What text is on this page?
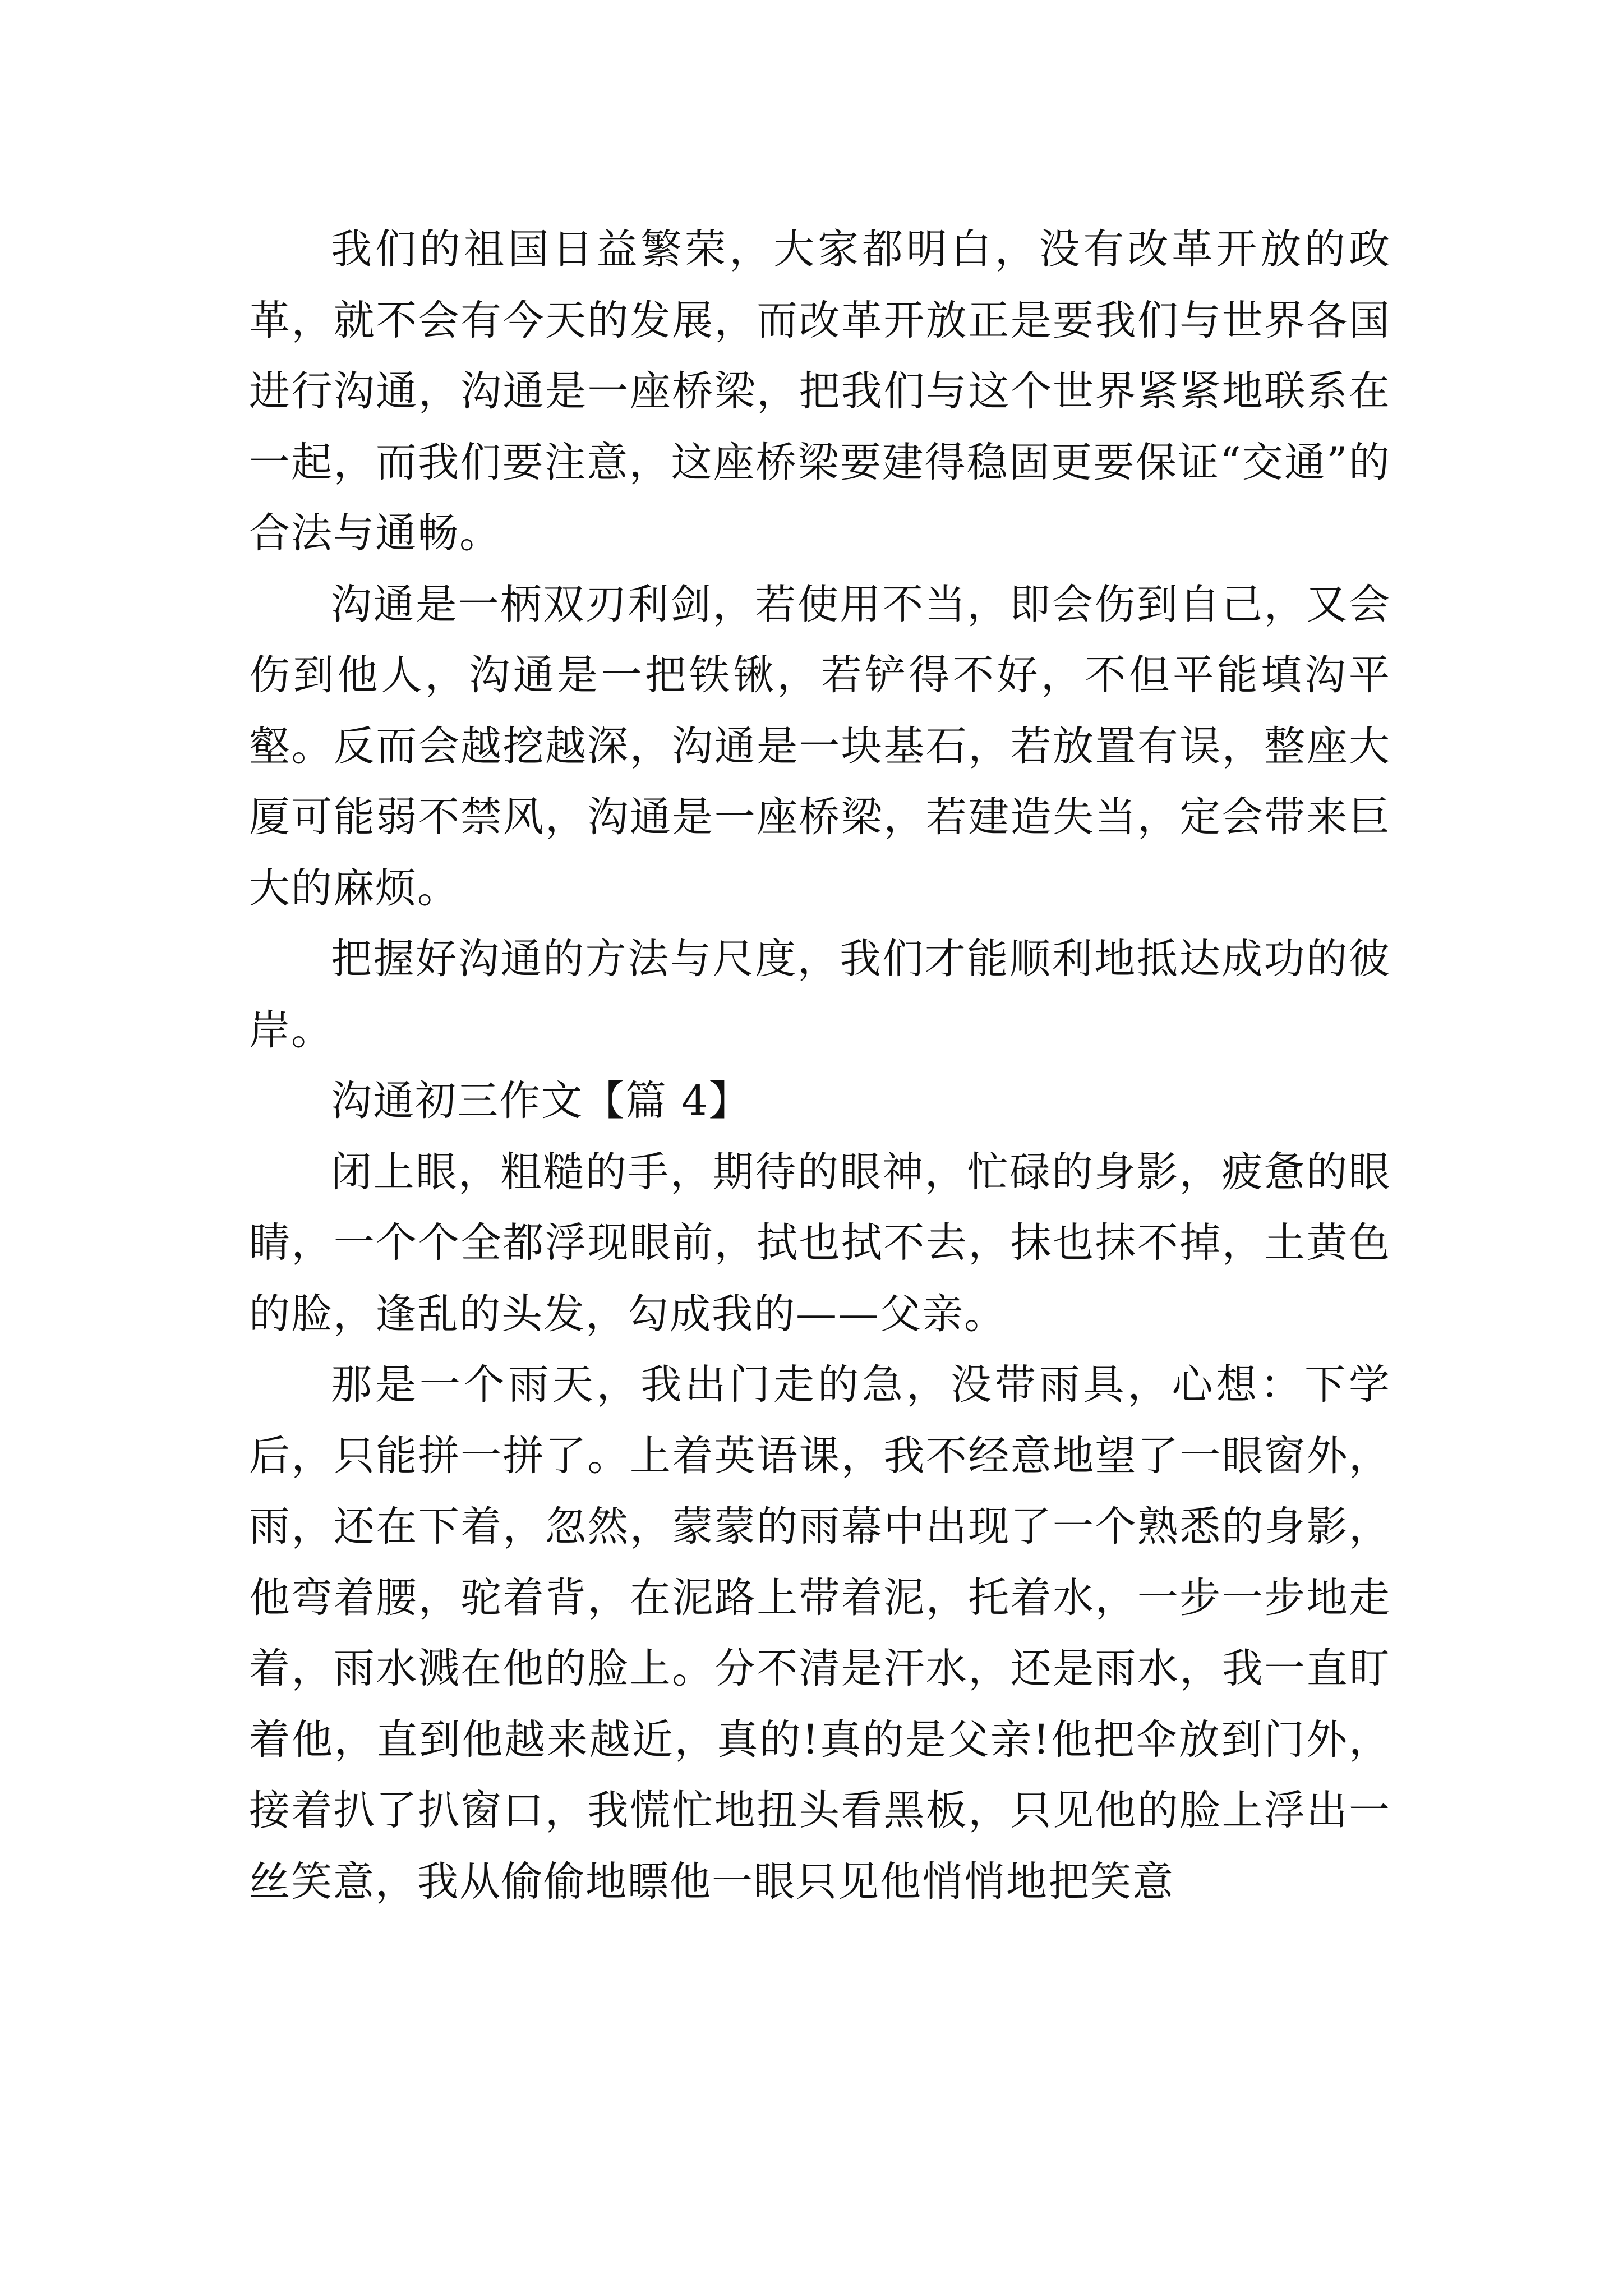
我们的祖国日益繁荣，大家都明白，没有改革开放的政革，就不会有今天的发展，而改革开放正是要我们与世界各国进行沟通，沟通是一座桥梁，把我们与这个世界紧紧地联系在一起，而我们要注意，这座桥梁要建得稳固更要保证“交通”的合法与通畅。

沟通是一柄双刃利剑，若使用不当，即会伤到自己，又会伤到他人，沟通是一把铁锹，若铲得不好，不但平能填沟平壑。反而会越挖越深，沟通是一块基石，若放置有误，整座大厦可能弱不禁风，沟通是一座桥梁，若建造失当，定会带来巨大的麻烦。

把握好沟通的方法与尺度，我们才能顺利地抵达成功的彼岸。

沟通初三作文【篇 4】

闭上眼，粗糙的手，期待的眼神，忙碌的身影，疲惫的眼睛，一个个全都浮现眼前，拭也拭不去，抹也抹不掉，土黄色的脸，逢乱的头发，勾成我的——父亲。

那是一个雨天，我出门走的急，没带雨具，心想：下学后，只能拼一拼了。上着英语课，我不经意地望了一眼窗外，雨，还在下着，忽然，蒙蒙的雨幕中出现了一个熟悉的身影，他弯着腰，驼着背，在泥路上带着泥，托着水，一步一步地走着，雨水溅在他的脸上。分不清是汗水，还是雨水，我一直盯着他，直到他越来越近，真的!真的是父亲!他把伞放到门外，接着扒了扒窗口，我慌忙地扭头看黑板，只见他的脸上浮出一丝笑意，我从偷偷地瞟他一眼只见他悄悄地把笑意
